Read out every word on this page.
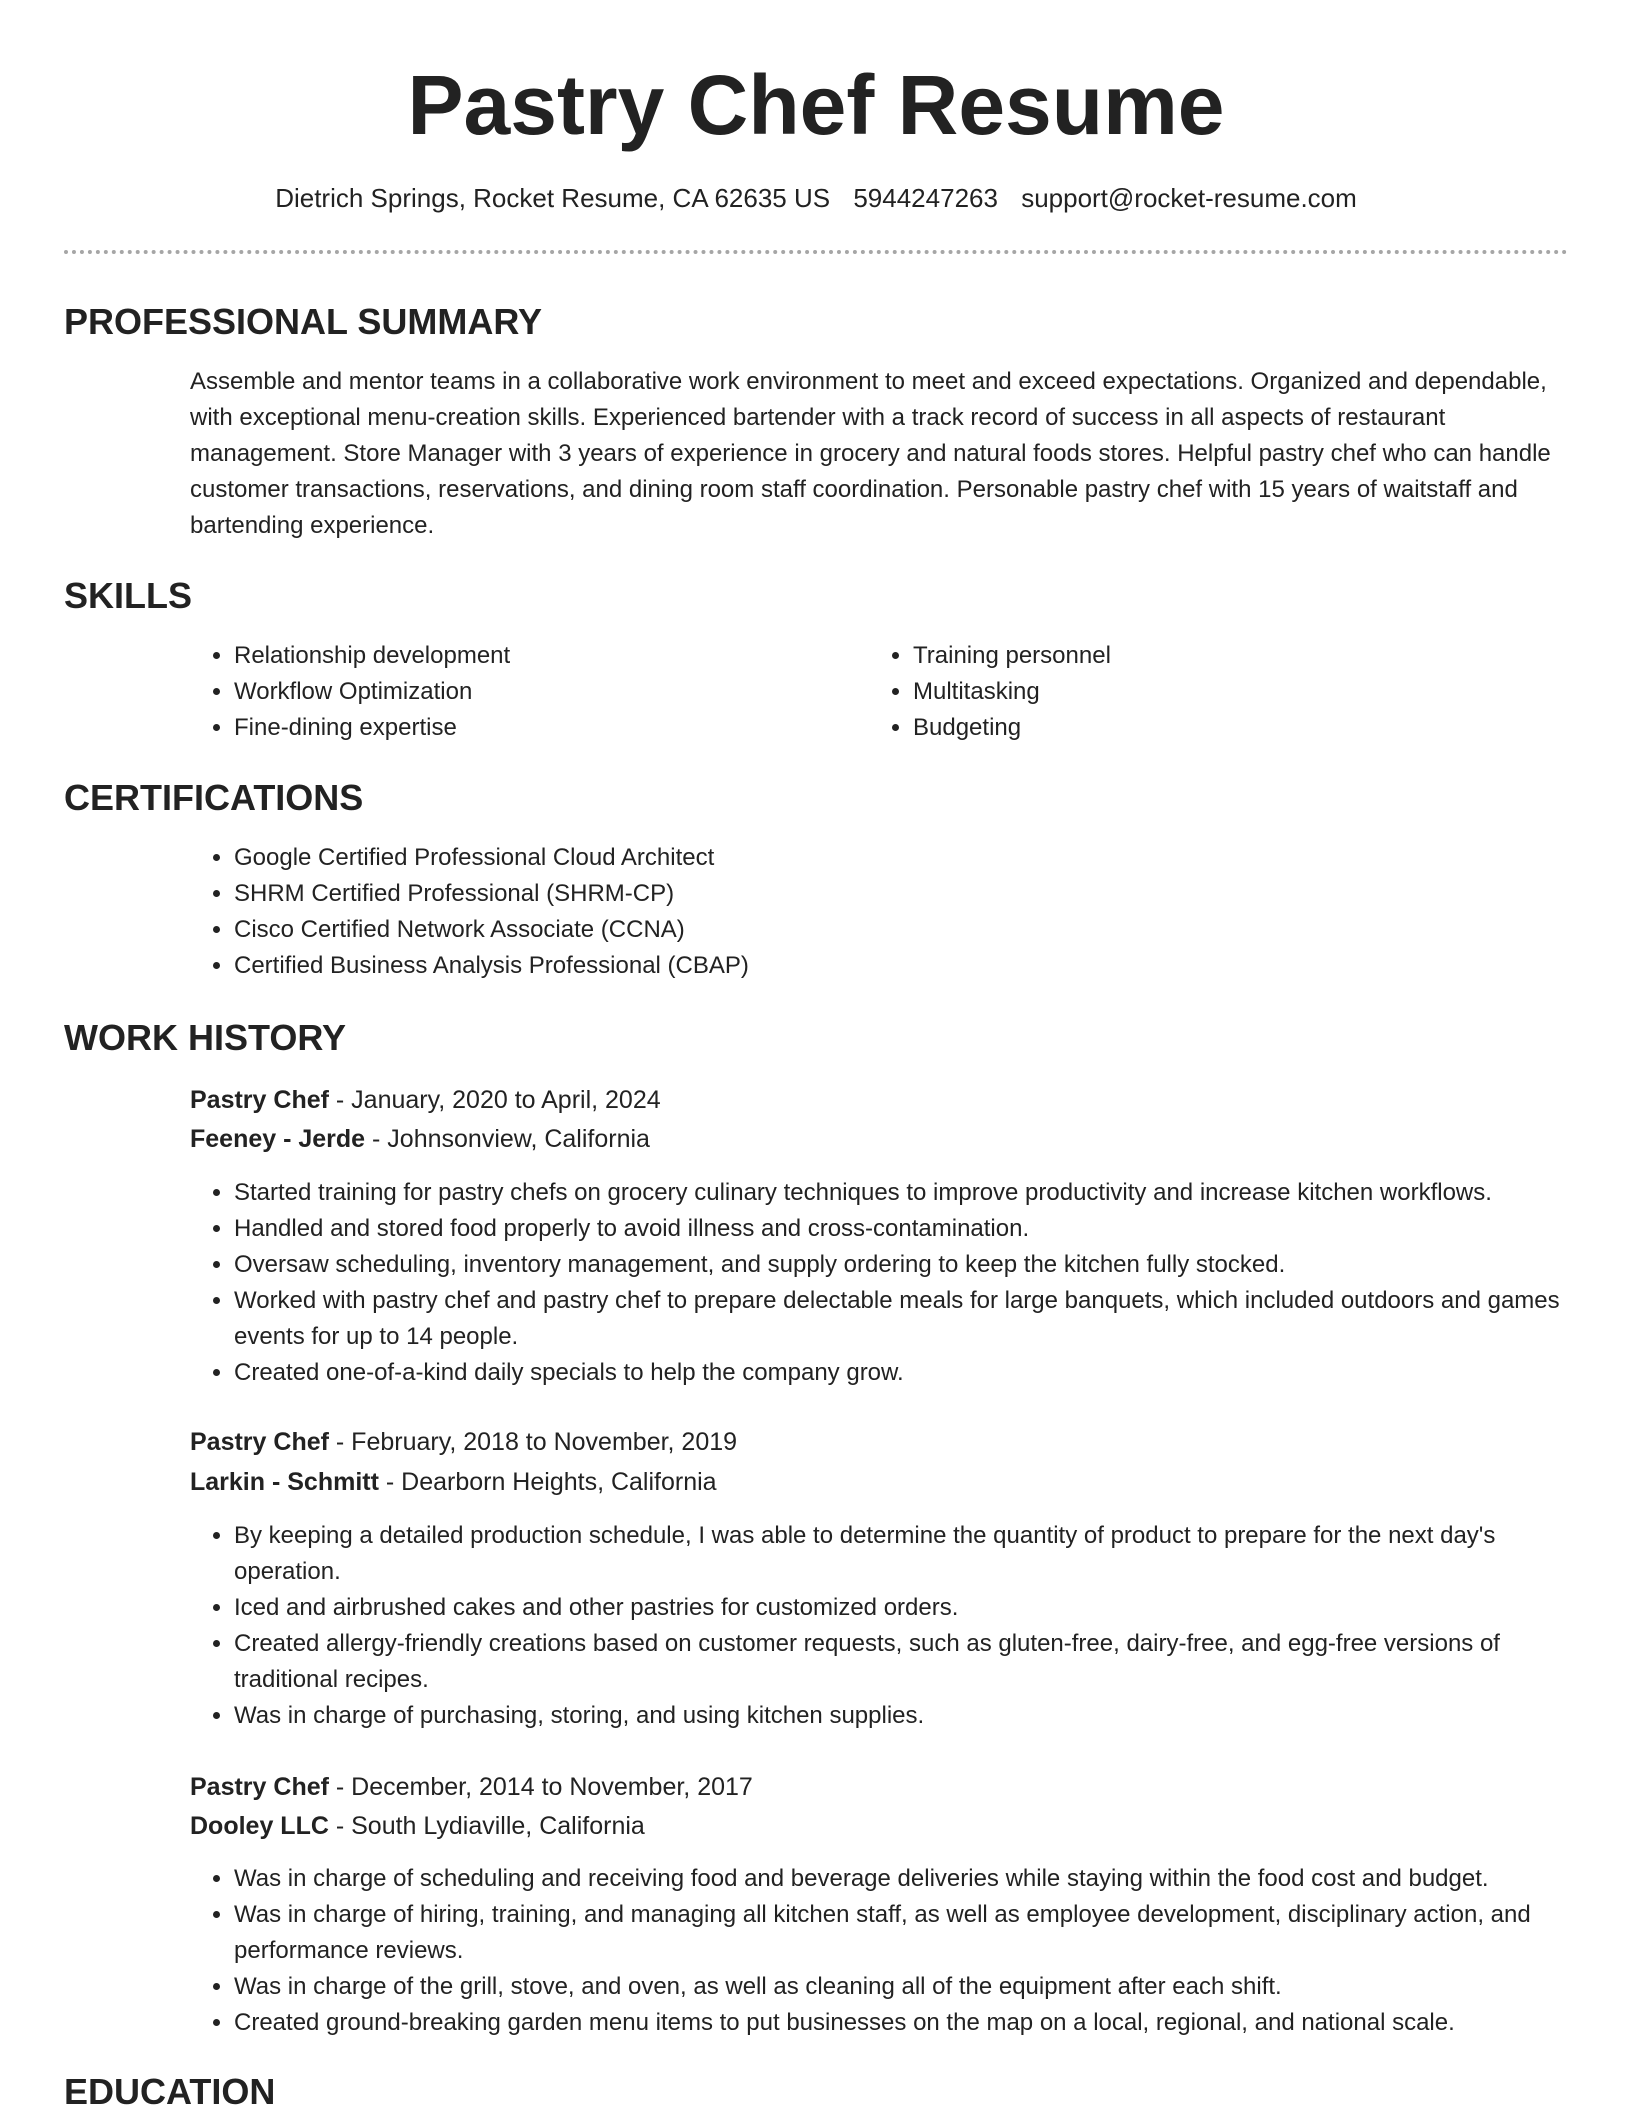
Pastry Chef Resume
Dietrich Springs, Rocket Resume, CA 62635 US 5944247263 support@rocket-resume.com
PROFESSIONAL SUMMARY

Assemble and mentor teams in a collaborative work environment to meet and exceed expectations. Organized and dependable, with exceptional menu-creation skills. Experienced bartender with a track record of success in all aspects of restaurant management. Store Manager with 3 years of experience in grocery and natural foods stores. Helpful pastry chef who can handle customer transactions, reservations, and dining room staff coordination. Personable pastry chef with 15 years of waitstaff and bartending experience.

SKILLS
• Relationship development
• Workflow Optimization
• Fine-dining expertise
• Training personnel
• Multitasking
• Budgeting
CERTIFICATIONS
• Google Certified Professional Cloud Architect
• SHRM Certified Professional (SHRM-CP)
• Cisco Certified Network Associate (CCNA)
• Certified Business Analysis Professional (CBAP)
WORK HISTORY
Pastry Chef - January, 2020 to April, 2024
Feeney - Jerde - Johnsonview, California
• Started training for pastry chefs on grocery culinary techniques to improve productivity and increase kitchen workflows.
• Handled and stored food properly to avoid illness and cross-contamination.
• Oversaw scheduling, inventory management, and supply ordering to keep the kitchen fully stocked.
• Worked with pastry chef and pastry chef to prepare delectable meals for large banquets, which included outdoors and games events for up to 14 people.
• Created one-of-a-kind daily specials to help the company grow.
Pastry Chef - February, 2018 to November, 2019
Larkin - Schmitt - Dearborn Heights, California
• By keeping a detailed production schedule, I was able to determine the quantity of product to prepare for the next day's operation.
• Iced and airbrushed cakes and other pastries for customized orders.
• Created allergy-friendly creations based on customer requests, such as gluten-free, dairy-free, and egg-free versions of traditional recipes.
• Was in charge of purchasing, storing, and using kitchen supplies.
Pastry Chef - December, 2014 to November, 2017
Dooley LLC - South Lydiaville, California
• Was in charge of scheduling and receiving food and beverage deliveries while staying within the food cost and budget.
• Was in charge of hiring, training, and managing all kitchen staff, as well as employee development, disciplinary action, and performance reviews.
• Was in charge of the grill, stove, and oven, as well as cleaning all of the equipment after each shift.
• Created ground-breaking garden menu items to put businesses on the map on a local, regional, and national scale.
EDUCATION
